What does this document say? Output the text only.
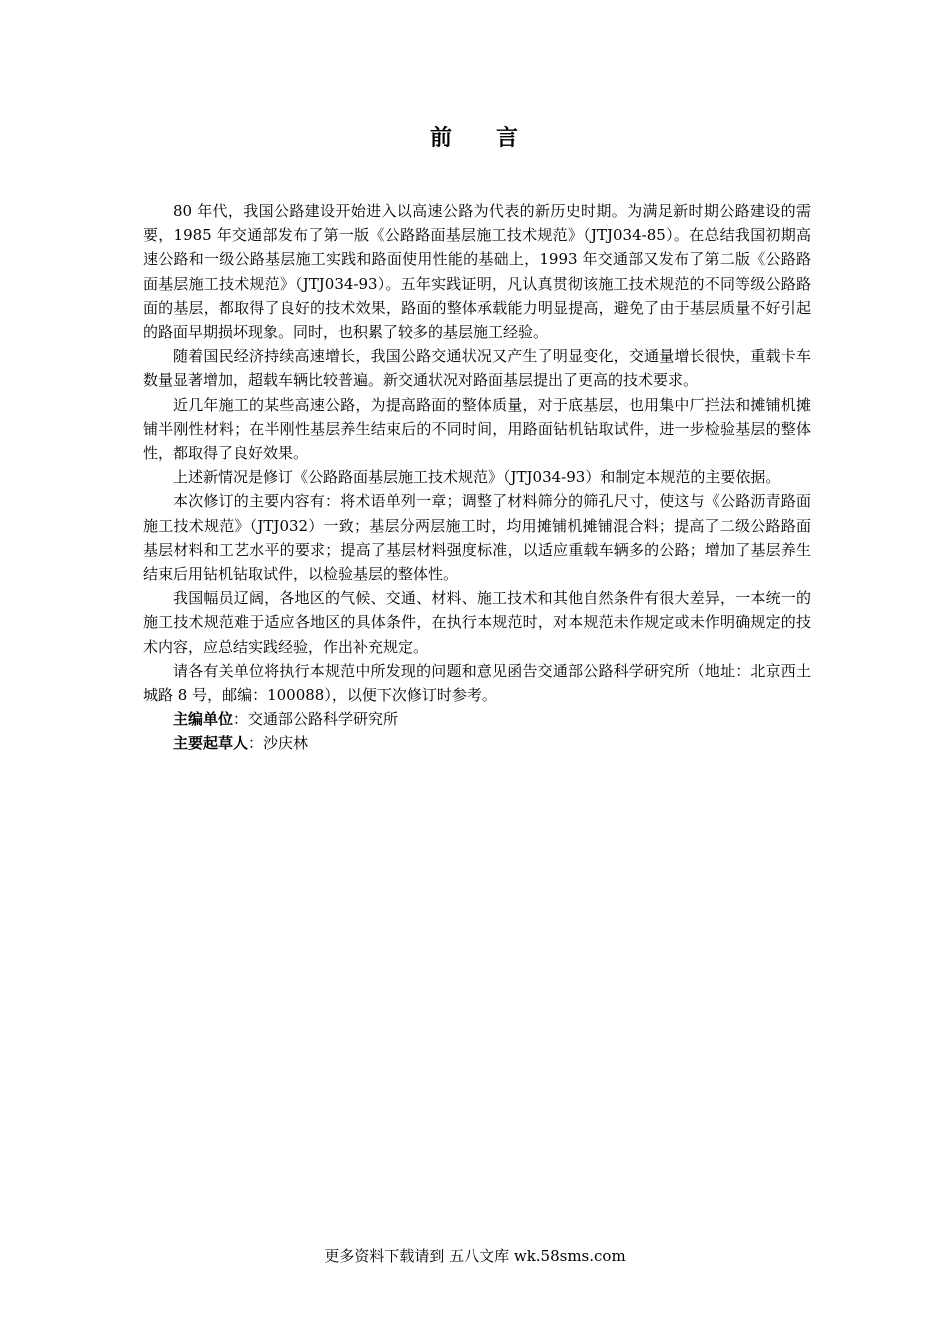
前 言

80 年代，我国公路建设开始进入以高速公路为代表的新历史时期。为满足新时期公路建设的需要，1985 年交通部发布了第一版《公路路面基层施工技术规范》（JTJ034-85）。在总结我国初期高速公路和一级公路基层施工实践和路面使用性能的基础上，1993 年交通部又发布了第二版《公路路面基层施工技术规范》（JTJ034-93）。五年实践证明，凡认真贯彻该施工技术规范的不同等级公路路面的基层，都取得了良好的技术效果，路面的整体承载能力明显提高，避免了由于基层质量不好引起的路面早期损坏现象。同时，也积累了较多的基层施工经验。

随着国民经济持续高速增长，我国公路交通状况又产生了明显变化，交通量增长很快，重载卡车数量显著增加，超载车辆比较普遍。新交通状况对路面基层提出了更高的技术要求。

近几年施工的某些高速公路，为提高路面的整体质量，对于底基层，也用集中厂拦法和摊铺机摊铺半刚性材料；在半刚性基层养生结束后的不同时间，用路面钻机钻取试件，进一步检验基层的整体性，都取得了良好效果。

上述新情况是修订《公路路面基层施工技术规范》（JTJ034-93）和制定本规范的主要依据。

本次修订的主要内容有：将术语单列一章；调整了材料筛分的筛孔尺寸，使这与《公路沥青路面施工技术规范》（JTJ032）一致；基层分两层施工时，均用摊铺机摊铺混合料；提高了二级公路路面基层材料和工艺水平的要求；提高了基层材料强度标准，以适应重载车辆多的公路；增加了基层养生结束后用钻机钻取试件，以检验基层的整体性。

我国幅员辽阔，各地区的气候、交通、材料、施工技术和其他自然条件有很大差异，一本统一的施工技术规范难于适应各地区的具体条件，在执行本规范时，对本规范未作规定或未作明确规定的技术内容，应总结实践经验，作出补充规定。

请各有关单位将执行本规范中所发现的问题和意见函告交通部公路科学研究所（地址：北京西土城路 8 号，邮编：100088），以便下次修订时参考。

主编单位：交通部公路科学研究所

主要起草人：沙庆林

更多资料下载请到 五八文库 wk.58sms.com
